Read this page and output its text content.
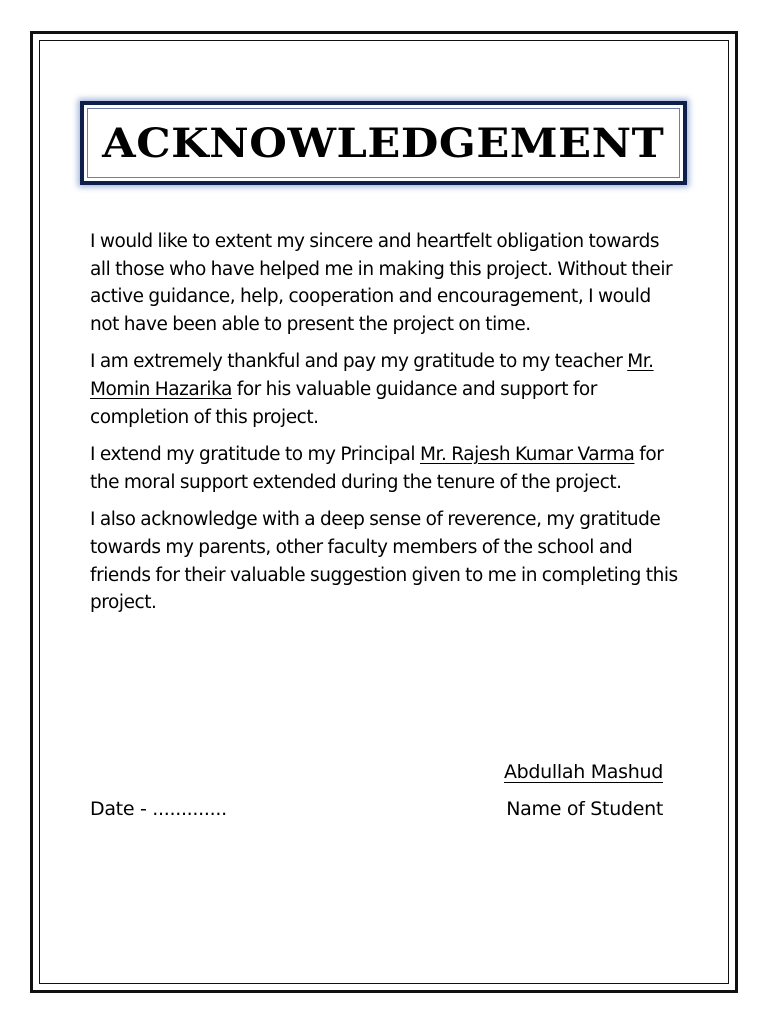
ACKNOWLEDGEMENT

I would like to extent my sincere and heartfelt obligation towards all those who have helped me in making this project. Without their active guidance, help, cooperation and encouragement, I would not have been able to present the project on time.

I am extremely thankful and pay my gratitude to my teacher Mr. Momin Hazarika for his valuable guidance and support for completion of this project.

I extend my gratitude to my Principal Mr. Rajesh Kumar Varma for the moral support extended during the tenure of the project.

I also acknowledge with a deep sense of reverence, my gratitude towards my parents, other faculty members of the school and friends for their valuable suggestion given to me in completing this project.

Abdullah Mashud
Name of Student
Date - .............
